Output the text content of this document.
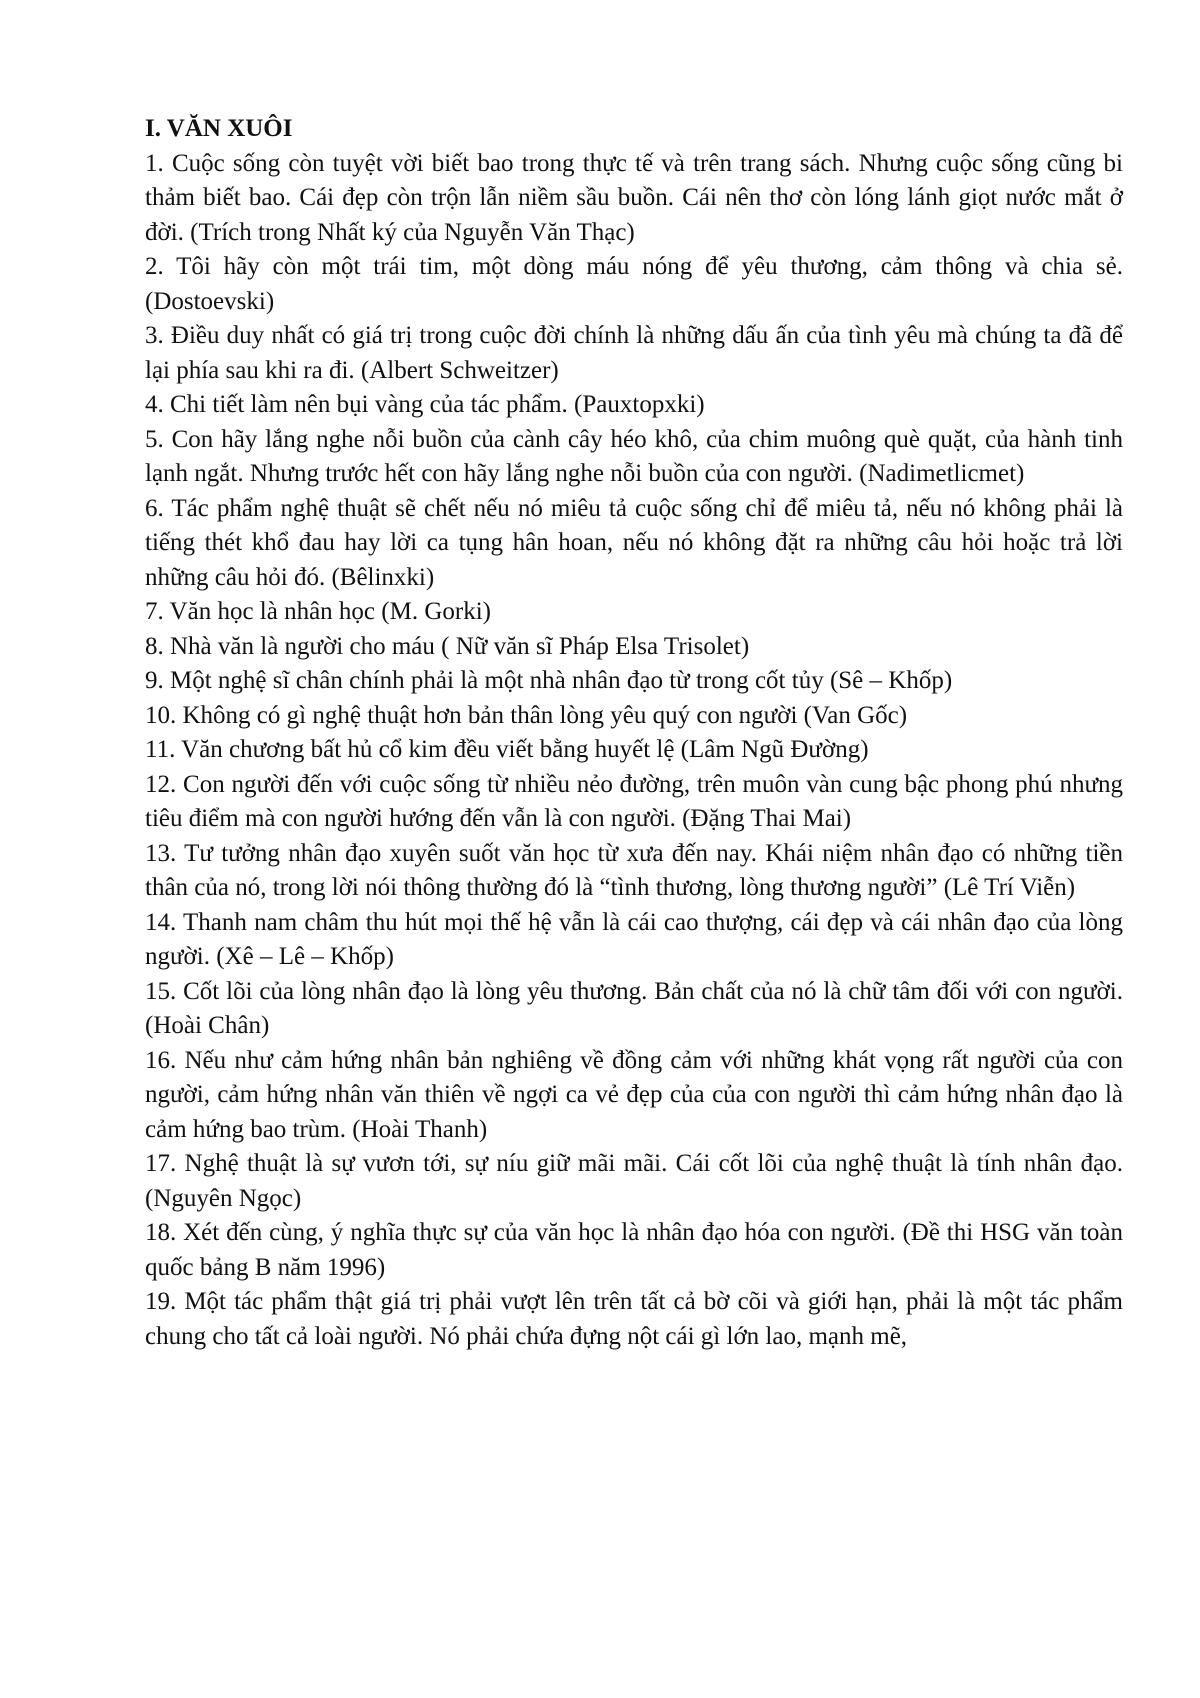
I. VĂN XUÔI

1. Cuộc sống còn tuyệt vời biết bao trong thực tế và trên trang sách. Nhưng cuộc sống cũng bi thảm biết bao. Cái đẹp còn trộn lẫn niềm sầu buồn. Cái nên thơ còn lóng lánh giọt nước mắt ở đời. (Trích trong Nhất ký của Nguyễn Văn Thạc)

2. Tôi hãy còn một trái tim, một dòng máu nóng để yêu thương, cảm thông và chia sẻ. (Dostoevski)

3. Điều duy nhất có giá trị trong cuộc đời chính là những dấu ấn của tình yêu mà chúng ta đã để lại phía sau khi ra đi. (Albert Schweitzer)

4. Chi tiết làm nên bụi vàng của tác phẩm. (Pauxtopxki)

5. Con hãy lắng nghe nỗi buồn của cành cây héo khô, của chim muông què quặt, của hành tinh lạnh ngắt. Nhưng trước hết con hãy lắng nghe nỗi buồn của con người. (Nadimetlicmet)

6. Tác phẩm nghệ thuật sẽ chết nếu nó miêu tả cuộc sống chỉ để miêu tả, nếu nó không phải là tiếng thét khổ đau hay lời ca tụng hân hoan, nếu nó không đặt ra những câu hỏi hoặc trả lời những câu hỏi đó. (Bêlinxki)

7. Văn học là nhân học (M. Gorki)

8. Nhà văn là người cho máu ( Nữ văn sĩ Pháp Elsa Trisolet)

9. Một nghệ sĩ chân chính phải là một nhà nhân đạo từ trong cốt tủy (Sê – Khốp)

10. Không có gì nghệ thuật hơn bản thân lòng yêu quý con người (Van Gốc)

11. Văn chương bất hủ cổ kim đều viết bằng huyết lệ (Lâm Ngũ Đường)

12. Con người đến với cuộc sống từ nhiều nẻo đường, trên muôn vàn cung bậc phong phú nhưng tiêu điểm mà con người hướng đến vẫn là con người. (Đặng Thai Mai)

13. Tư tưởng nhân đạo xuyên suốt văn học từ xưa đến nay. Khái niệm nhân đạo có những tiền thân của nó, trong lời nói thông thường đó là “tình thương, lòng thương người” (Lê Trí Viễn)

14. Thanh nam châm thu hút mọi thế hệ vẫn là cái cao thượng, cái đẹp và cái nhân đạo của lòng người. (Xê – Lê – Khốp)

15. Cốt lõi của lòng nhân đạo là lòng yêu thương. Bản chất của nó là chữ tâm đối với con người. (Hoài Chân)

16. Nếu như cảm hứng nhân bản nghiêng về đồng cảm với những khát vọng rất người của con người, cảm hứng nhân văn thiên về ngợi ca vẻ đẹp của của con người thì cảm hứng nhân đạo là cảm hứng bao trùm. (Hoài Thanh)

17. Nghệ thuật là sự vươn tới, sự níu giữ mãi mãi. Cái cốt lõi của nghệ thuật là tính nhân đạo. (Nguyên Ngọc)

18. Xét đến cùng, ý nghĩa thực sự của văn học là nhân đạo hóa con người. (Đề thi HSG văn toàn quốc bảng B năm 1996)

19. Một tác phẩm thật giá trị phải vượt lên trên tất cả bờ cõi và giới hạn, phải là một tác phẩm chung cho tất cả loài người. Nó phải chứa đựng nột cái gì lớn lao, mạnh mẽ,
